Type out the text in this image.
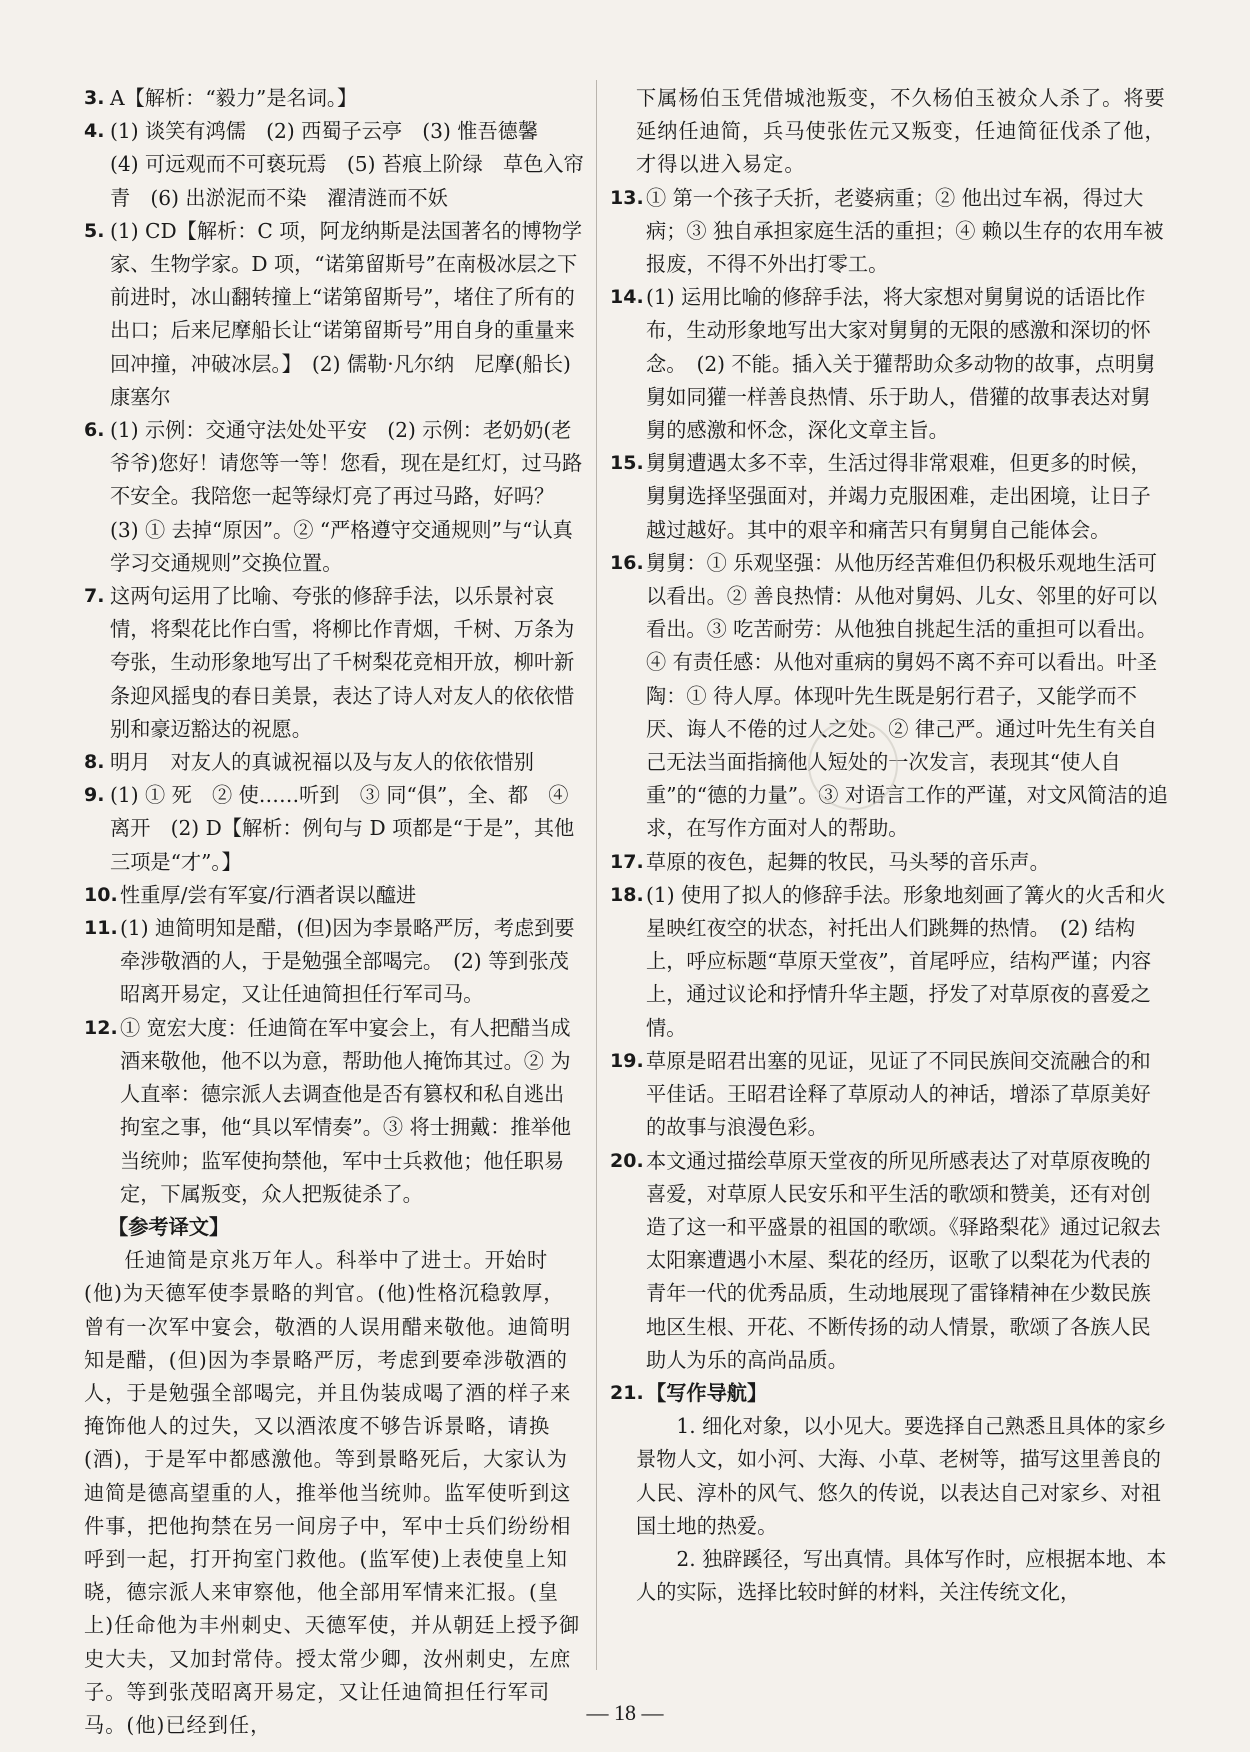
3. A【解析：“毅力”是名词。】

4. (1) 谈笑有鸿儒　(2) 西蜀子云亭　(3) 惟吾德馨　(4) 可远观而不可亵玩焉　(5) 苔痕上阶绿　草色入帘青　(6) 出淤泥而不染　濯清涟而不妖

5. (1) CD【解析：C 项，阿龙纳斯是法国著名的博物学家、生物学家。D 项，“诺第留斯号”在南极冰层之下前进时，冰山翻转撞上“诺第留斯号”，堵住了所有的出口；后来尼摩船长让“诺第留斯号”用自身的重量来回冲撞，冲破冰层。】　(2) 儒勒·凡尔纳　尼摩(船长)　康塞尔

6. (1) 示例：交通守法处处平安　(2) 示例：老奶奶(老爷爷)您好！请您等一等！您看，现在是红灯，过马路不安全。我陪您一起等绿灯亮了再过马路，好吗？　(3) ① 去掉“原因”。② “严格遵守交通规则”与“认真学习交通规则”交换位置。

7. 这两句运用了比喻、夸张的修辞手法，以乐景衬哀情，将梨花比作白雪，将柳比作青烟，千树、万条为夸张，生动形象地写出了千树梨花竞相开放，柳叶新条迎风摇曳的春日美景，表达了诗人对友人的依依惜别和豪迈豁达的祝愿。

8. 明月　对友人的真诚祝福以及与友人的依依惜别

9. (1) ① 死　② 使……听到　③ 同“俱”，全、都　④ 离开　(2) D【解析：例句与 D 项都是“于是”，其他三项是“才”。】

10. 性重厚/尝有军宴/行酒者误以醯进

11. (1) 迪简明知是醋，(但)因为李景略严厉，考虑到要牵涉敬酒的人，于是勉强全部喝完。　(2) 等到张茂昭离开易定，又让任迪简担任行军司马。

12. ① 宽宏大度：任迪简在军中宴会上，有人把醋当成酒来敬他，他不以为意，帮助他人掩饰其过。② 为人直率：德宗派人去调查他是否有篡权和私自逃出拘室之事，他“具以军情奏”。③ 将士拥戴：推举他当统帅；监军使拘禁他，军中士兵救他；他任职易定，下属叛变，众人把叛徒杀了。

【参考译文】

任迪简是京兆万年人。科举中了进士。开始时(他)为天德军使李景略的判官。(他)性格沉稳敦厚，曾有一次军中宴会，敬酒的人误用醋来敬他。迪简明知是醋，(但)因为李景略严厉，考虑到要牵涉敬酒的人，于是勉强全部喝完，并且伪装成喝了酒的样子来掩饰他人的过失，又以酒浓度不够告诉景略，请换(酒)，于是军中都感激他。等到景略死后，大家认为迪简是德高望重的人，推举他当统帅。监军使听到这件事，把他拘禁在另一间房子中，军中士兵们纷纷相呼到一起，打开拘室门救他。(监军使)上表使皇上知晓，德宗派人来审察他，他全部用军情来汇报。(皇上)任命他为丰州刺史、天德军使，并从朝廷上授予御史大夫，又加封常侍。授太常少卿，汝州刺史，左庶子。等到张茂昭离开易定，又让任迪简担任行军司马。(他)已经到任，

下属杨伯玉凭借城池叛变，不久杨伯玉被众人杀了。将要延纳任迪简，兵马使张佐元又叛变，任迪简征伐杀了他，才得以进入易定。

13. ① 第一个孩子夭折，老婆病重；② 他出过车祸，得过大病；③ 独自承担家庭生活的重担；④ 赖以生存的农用车被报废，不得不外出打零工。

14. (1) 运用比喻的修辞手法，将大家想对舅舅说的话语比作布，生动形象地写出大家对舅舅的无限的感激和深切的怀念。　(2) 不能。插入关于獾帮助众多动物的故事，点明舅舅如同獾一样善良热情、乐于助人，借獾的故事表达对舅舅的感激和怀念，深化文章主旨。

15. 舅舅遭遇太多不幸，生活过得非常艰难，但更多的时候，舅舅选择坚强面对，并竭力克服困难，走出困境，让日子越过越好。其中的艰辛和痛苦只有舅舅自己能体会。

16. 舅舅：① 乐观坚强：从他历经苦难但仍积极乐观地生活可以看出。② 善良热情：从他对舅妈、儿女、邻里的好可以看出。③ 吃苦耐劳：从他独自挑起生活的重担可以看出。④ 有责任感：从他对重病的舅妈不离不弃可以看出。叶圣陶：① 待人厚。体现叶先生既是躬行君子，又能学而不厌、诲人不倦的过人之处。② 律己严。通过叶先生有关自己无法当面指摘他人短处的一次发言，表现其“使人自重”的“德的力量”。③ 对语言工作的严谨，对文风简洁的追求，在写作方面对人的帮助。

17. 草原的夜色，起舞的牧民，马头琴的音乐声。

18. (1) 使用了拟人的修辞手法。形象地刻画了篝火的火舌和火星映红夜空的状态，衬托出人们跳舞的热情。　(2) 结构上，呼应标题“草原天堂夜”，首尾呼应，结构严谨；内容上，通过议论和抒情升华主题，抒发了对草原夜的喜爱之情。

19. 草原是昭君出塞的见证，见证了不同民族间交流融合的和平佳话。王昭君诠释了草原动人的神话，增添了草原美好的故事与浪漫色彩。

20. 本文通过描绘草原天堂夜的所见所感表达了对草原夜晚的喜爱，对草原人民安乐和平生活的歌颂和赞美，还有对创造了这一和平盛景的祖国的歌颂。《驿路梨花》通过记叙去太阳寨遭遇小木屋、梨花的经历，讴歌了以梨花为代表的青年一代的优秀品质，生动地展现了雷锋精神在少数民族地区生根、开花、不断传扬的动人情景，歌颂了各族人民助人为乐的高尚品质。

21. 【写作导航】

1. 细化对象，以小见大。要选择自己熟悉且具体的家乡景物人文，如小河、大海、小草、老树等，描写这里善良的人民、淳朴的风气、悠久的传说，以表达自己对家乡、对祖国土地的热爱。

2. 独辟蹊径，写出真情。具体写作时，应根据本地、本人的实际，选择比较时鲜的材料，关注传统文化，

— 18 —
